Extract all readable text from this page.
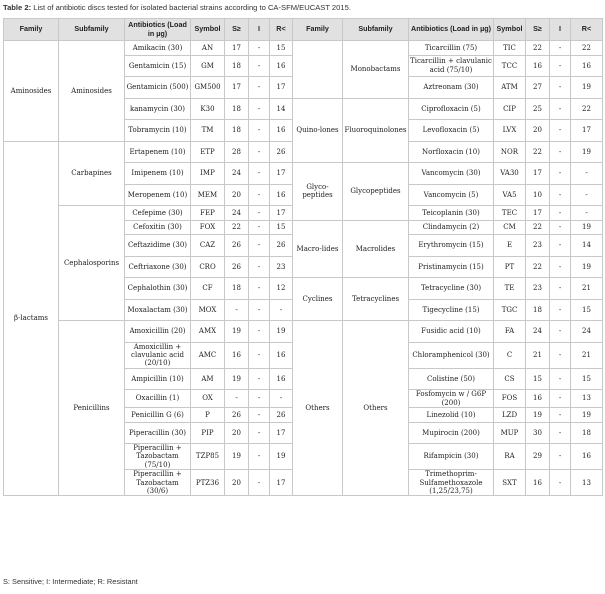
Table 2: List of antibiotic discs tested for isolated bacterial strains according to CA-SFM/EUCAST 2015.
Family	Subfamily	Antibiotics (Load in µg)	Symbol	S≥	I	R<	Family	Subfamily	Antibiotics (Load in µg)	Symbol	S≥	I	R<
Aminosides	Aminosides	Amikacin (30)	AN	17	-	15		Monobactams	Ticarcillin (75)	TIC	22	-	22
		Gentamicin (15)	GM	18	-	16			Ticarcillin + clavulanic acid (75/10)	TCC	16	-	16
		Gentamicin (500)	GM500	17	-	17			Aztreonam (30)	ATM	27	-	19
		kanamycin (30)	K30	18	-	14	Quino-lones	Fluoroquinolones	Ciprofloxacin (5)	CIP	25	-	22
		Tobramycin (10)	TM	18	-	16			Levofloxacin (5)	LVX	20	-	17
β-lactams	Carbapines	Ertapenem (10)	ETP	28	-	26			Norfloxacin (10)	NOR	22	-	19
		Imipenem (10)	IMP	24	-	17	Glyco-peptides	Glycopeptides	Vancomycin (30)	VA30	17	-	-
		Meropenem (10)	MEM	20	-	16			Vancomycin (5)	VA5	10	-	-
	Cephalosporins	Cefepime (30)	FEP	24	-	17			Teicoplanin (30)	TEC	17	-	-
		Cefoxitin (30)	FOX	22	-	15	Macro-lides	Macrolides	Clindamycin (2)	CM	22	-	19
		Ceftazidime (30)	CAZ	26	-	26			Erythromycin (15)	E	23	-	14
		Ceftriaxone (30)	CRO	26	-	23			Pristinamycin (15)	PT	22	-	19
		Cephalothin (30)	CF	18	-	12	Cyclines	Tetracyclines	Tetracycline (30)	TE	23	-	21
		Moxalactam (30)	MOX	-	-	-			Tigecycline (15)	TGC	18	-	15
	Penicillins	Amoxicillin (20)	AMX	19	-	19	Others	Others	Fusidic acid (10)	FA	24	-	24
		Amoxicillin + clavulanic acid (20/10)	AMC	16	-	16			Chloramphenicol (30)	C	21	-	21
		Ampicillin (10)	AM	19	-	16			Colistine (50)	CS	15	-	15
		Oxacillin (1)	OX	-	-	-			Fosfomycin w / G6P (200)	FOS	16	-	13
		Penicillin G (6)	P	26	-	26			Linezolid (10)	LZD	19	-	19
		Piperacillin (30)	PIP	20	-	17			Mupirocin (200)	MUP	30	-	18
		Piperacillin + Tazobactam (75/10)	TZP85	19	-	19			Rifampicin (30)	RA	29	-	16
		Piperacillin + Tazobactam (30/6)	PTZ36	20	-	17			Trimethoprim-Sulfamethoxazole (1,25/23,75)	SXT	16	-	13
S: Sensitive; I: Intermediate; R: Resistant
